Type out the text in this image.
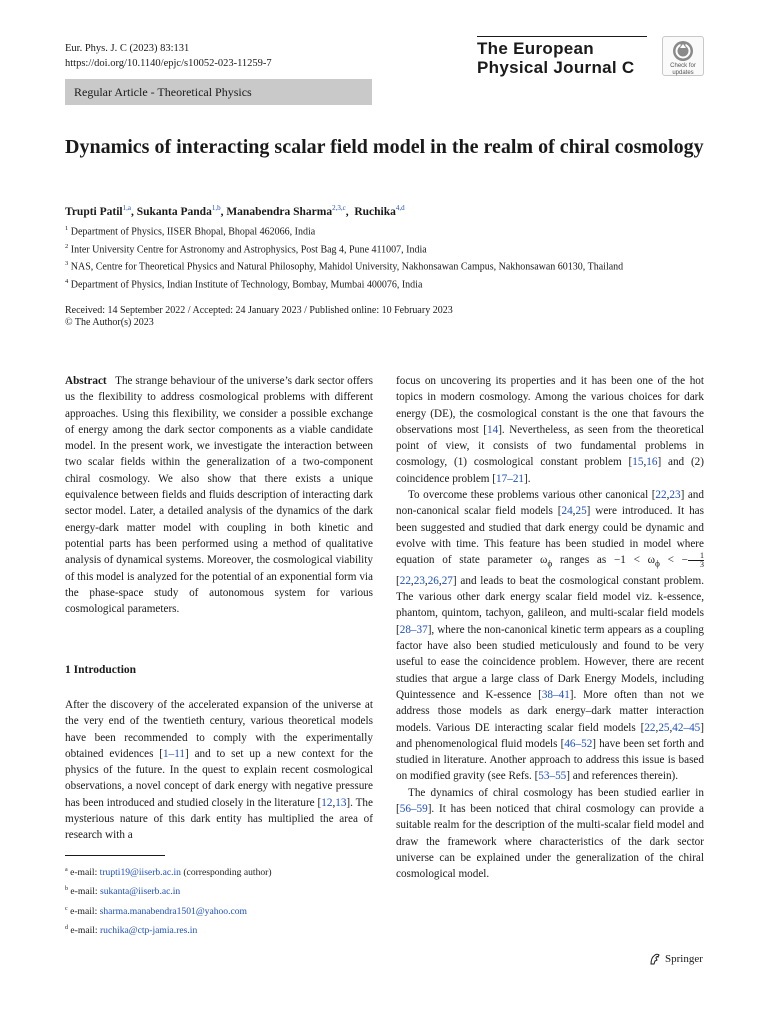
Eur. Phys. J. C (2023) 83:131
https://doi.org/10.1140/epjc/s10052-023-11259-7
The European
Physical Journal C	Check for
updates
Regular Article - Theoretical Physics
Dynamics of interacting scalar field model in the realm of chiral cosmology
Trupti Patil$^{1,a}$, Sukanta Panda$^{1,b}$, Manabendra Sharma$^{2,3,c}$,  Ruchika$^{4,d}$
$^1$ Department of Physics, IISER Bhopal, Bhopal 462066, India
$^2$ Inter University Centre for Astronomy and Astrophysics, Post Bag 4, Pune 411007, India
$^3$ NAS, Centre for Theoretical Physics and Natural Philosophy, Mahidol University, Nakhonsawan Campus, Nakhonsawan 60130, Thailand
$^4$ Department of Physics, Indian Institute of Technology, Bombay, Mumbai 400076, India
Received: 14 September 2022 / Accepted: 24 January 2023 / Published online: 10 February 2023
© The Author(s) 2023

Abstract The strange behaviour of the universe’s dark sector offers us the flexibility to address cosmological problems with different approaches. Using this flexibility, we consider a possible exchange of energy among the dark sector components as a viable candidate model. In the present work, we investigate the interaction between two scalar fields within the generalization of a two-component chiral cosmology. We also show that there exists a unique equivalence between fields and fluids description of interacting dark sector model. Later, a detailed analysis of the dynamics of the dark energy-dark matter model with coupling in both kinetic and potential parts has been performed using a method of qualitative analysis of dynamical systems. Moreover, the cosmological viability of this model is analyzed for the potential of an exponential form via the phase-space study of autonomous system for various cosmological parameters.

1 Introduction

After the discovery of the accelerated expansion of the universe at the very end of the twentieth century, various theoretical models have been recommended to comply with the experimentally obtained evidences [1–11] and to set up a new context for the physics of the future. In the quest to explain recent cosmological observations, a novel concept of dark energy with negative pressure has been introduced and studied closely in the literature [12,13]. The mysterious nature of this dark entity has multiplied the area of research with a

focus on uncovering its properties and it has been one of the hot topics in modern cosmology. Among the various choices for dark energy (DE), the cosmological constant is the one that favours the observations most [14]. Nevertheless, as seen from the theoretical point of view, it consists of two fundamental problems in cosmology, (1) cosmological constant problem [15,16] and (2) coincidence problem [17–21].

To overcome these problems various other canonical [22,23] and non-canonical scalar field models [24,25] were introduced. It has been suggested and studied that dark energy could be dynamic and evolve with time. This feature has been studied in model where equation of state parameter $\omega_\phi$ ranges as $-1 < \omega_\phi$ < − $\frac{1}{3}$
[22,23,26,27] and leads to beat the cosmological constant problem. The various other dark energy scalar field model viz. k-essence, phantom, quintom, tachyon, galileon, and multi-scalar field models [28–37], where the non-canonical kinetic term appears as a coupling factor have also been studied meticulously and found to be very useful to ease the coincidence problem. However, there are recent studies that argue a large class of Dark Energy Models, including Quintessence and K-essence [38–41]. More often than not we address those models as dark energy–dark matter interaction models. Various DE interacting scalar field models [22,25,42–45] and phenomenological fluid models [46–52] have been set forth and studied in literature. Another approach to address this issue is based on modified gravity (see Refs. [53–55] and references therein).

The dynamics of chiral cosmology has been studied earlier in [56–59]. It has been noticed that chiral cosmology can provide a suitable realm for the description of the multi-scalar field model and draw the framework where characteristics of the dark sector universe can be explained under the generalization of the chiral cosmological model.

$^a$ e-mail: trupti19@iiserb.ac.in (corresponding author)
$^b$ e-mail: sukanta@iiserb.ac.in
$^c$ e-mail: sharma.manabendra1501@yahoo.com
$^d$ e-mail: ruchika@ctp-jamia.res.in
Springer
